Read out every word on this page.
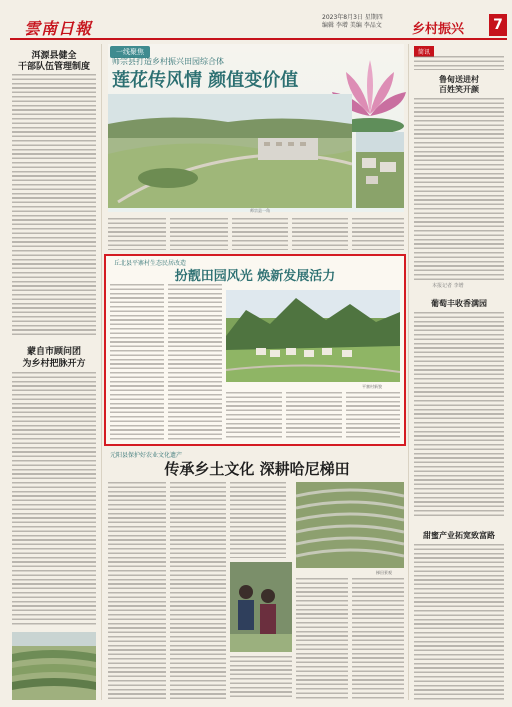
雲南日報
2023年8月3日 星期四
编辑 李增 美编 李品文	乡村振兴 7
洱源县健全
干部队伍管理制度
蒙自市顾问团
为乡村把脉开方
一线聚焦
师宗县打造乡村振兴田园综合体
莲花传风情 颜值变价值
师宗县一角
丘北县平寨村生态民居改造
扮靓田园风光 焕新发展活力
平寨村新貌
元阳县保护好农业文化遗产
传承乡土文化 深耕哈尼梯田
梯田景观
简讯
鲁甸送进村
百姓笑开颜
本报记者 李增
葡萄丰收香满园
甜蜜产业拓宽致富路
